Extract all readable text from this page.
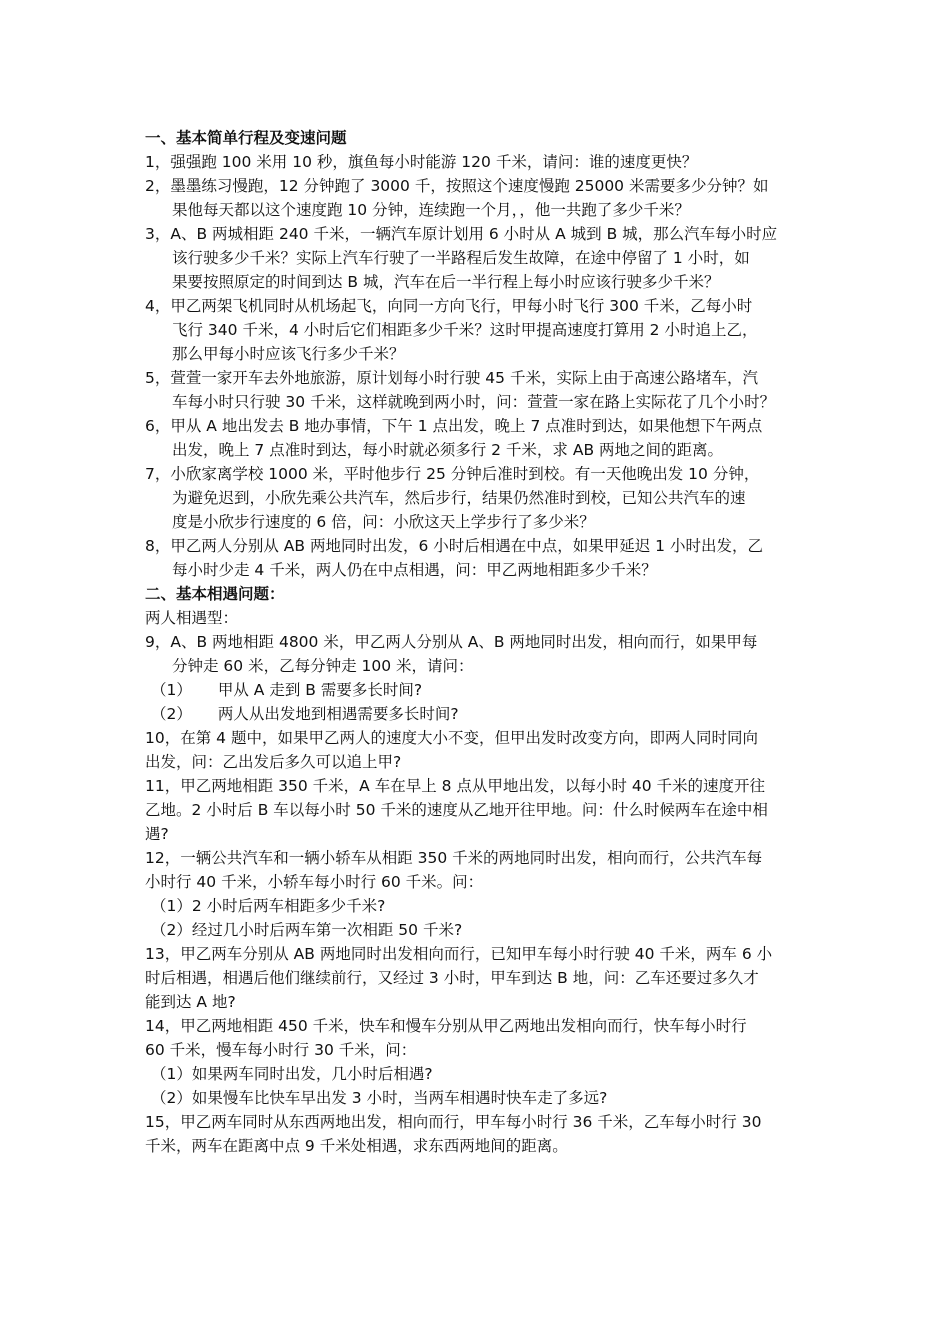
一、基本简单行程及变速问题
1，强强跑 100 米用 10 秒，旗鱼每小时能游 120 千米，请问：谁的速度更快？
2，墨墨练习慢跑，12 分钟跑了 3000 千，按照这个速度慢跑 25000 米需要多少分钟？如
果他每天都以这个速度跑 10 分钟，连续跑一个月，，他一共跑了多少千米？
3，A、B 两城相距 240 千米，一辆汽车原计划用 6 小时从 A 城到 B 城，那么汽车每小时应
该行驶多少千米？实际上汽车行驶了一半路程后发生故障，在途中停留了 1 小时，如
果要按照原定的时间到达 B 城，汽车在后一半行程上每小时应该行驶多少千米？
4，甲乙两架飞机同时从机场起飞，向同一方向飞行，甲每小时飞行 300 千米，乙每小时
飞行 340 千米，4 小时后它们相距多少千米？这时甲提高速度打算用 2 小时追上乙，
那么甲每小时应该飞行多少千米？
5，萱萱一家开车去外地旅游，原计划每小时行驶 45 千米，实际上由于高速公路堵车，汽
车每小时只行驶 30 千米，这样就晚到两小时，问：萱萱一家在路上实际花了几个小时？
6，甲从 A 地出发去 B 地办事情，下午 1 点出发，晚上 7 点准时到达，如果他想下午两点
出发，晚上 7 点准时到达，每小时就必须多行 2 千米，求 AB 两地之间的距离。
7，小欣家离学校 1000 米，平时他步行 25 分钟后准时到校。有一天他晚出发 10 分钟，
为避免迟到，小欣先乘公共汽车，然后步行，结果仍然准时到校，已知公共汽车的速
度是小欣步行速度的 6 倍，问：小欣这天上学步行了多少米？
8，甲乙两人分别从 AB 两地同时出发，6 小时后相遇在中点，如果甲延迟 1 小时出发，乙
每小时少走 4 千米，两人仍在中点相遇，问：甲乙两地相距多少千米？
二、基本相遇问题：
两人相遇型：
9，A、B 两地相距 4800 米，甲乙两人分别从 A、B 两地同时出发，相向而行，如果甲每
分钟走 60 米，乙每分钟走 100 米，请问：
（1） 甲从 A 走到 B 需要多长时间?
（2） 两人从出发地到相遇需要多长时间?
10，在第 4 题中，如果甲乙两人的速度大小不变，但甲出发时改变方向，即两人同时同向
出发，问：乙出发后多久可以追上甲?
11，甲乙两地相距 350 千米，A 车在早上 8 点从甲地出发，以每小时 40 千米的速度开往
乙地。2 小时后 B 车以每小时 50 千米的速度从乙地开往甲地。问：什么时候两车在途中相
遇?
12，一辆公共汽车和一辆小轿车从相距 350 千米的两地同时出发，相向而行，公共汽车每
小时行 40 千米，小轿车每小时行 60 千米。问：
（1）2 小时后两车相距多少千米?
（2）经过几小时后两车第一次相距 50 千米?
13，甲乙两车分别从 AB 两地同时出发相向而行，已知甲车每小时行驶 40 千米，两车 6 小
时后相遇，相遇后他们继续前行，又经过 3 小时，甲车到达 B 地，问：乙车还要过多久才
能到达 A 地?
14，甲乙两地相距 450 千米，快车和慢车分别从甲乙两地出发相向而行，快车每小时行
60 千米，慢车每小时行 30 千米，问：
（1）如果两车同时出发，几小时后相遇?
（2）如果慢车比快车早出发 3 小时，当两车相遇时快车走了多远?
15，甲乙两车同时从东西两地出发，相向而行，甲车每小时行 36 千米，乙车每小时行 30
千米，两车在距离中点 9 千米处相遇，求东西两地间的距离。
